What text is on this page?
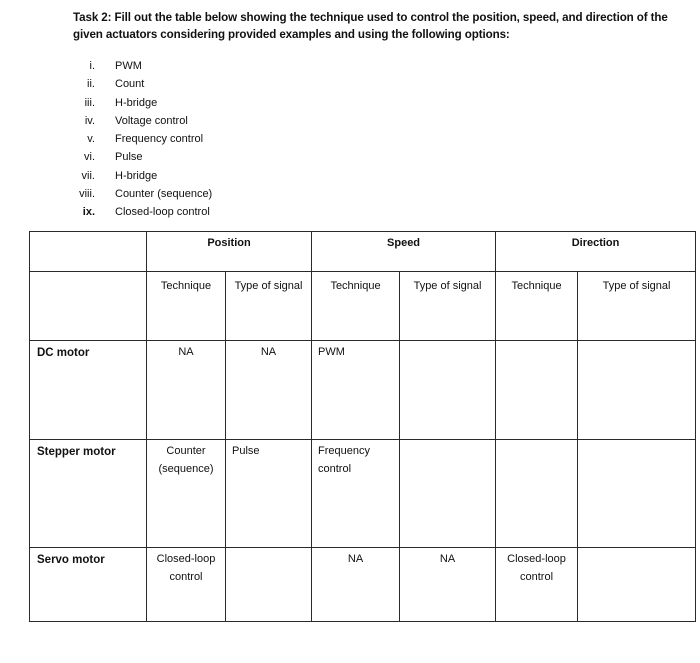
Task 2: Fill out the table below showing the technique used to control the position, speed, and direction of the given actuators considering provided examples and using the following options:
i. PWM
ii. Count
iii. H-bridge
iv. Voltage control
v. Frequency control
vi. Pulse
vii. H-bridge
viii. Counter (sequence)
ix. Closed-loop control
	Position		Speed		Direction	
	Technique	Type of signal	Technique	Type of signal	Technique	Type of signal
DC motor	NA	NA	PWM			
Stepper motor	Counter (sequence)	Pulse	Frequency control			
Servo motor	Closed-loop control		NA	NA	Closed-loop control	
